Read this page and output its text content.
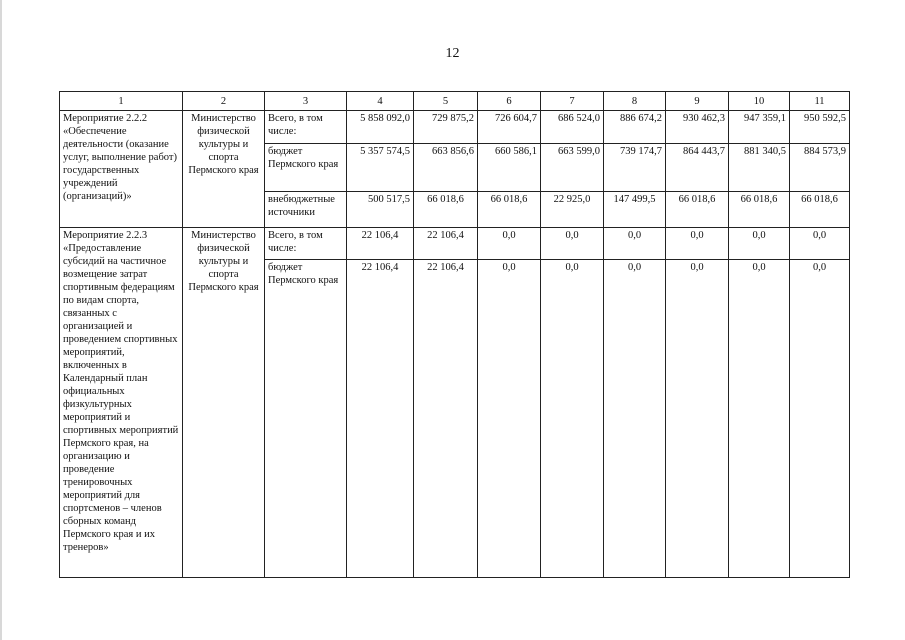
12
1	2	3	4	5	6	7	8	9	10	11
Мероприятие 2.2.2 «Обеспечение деятельности (оказание услуг, выполнение работ) государственных учреждений (организаций)»	Министерство физической культуры и спорта Пермского края	Всего, в том числе:	5 858 092,0	729 875,2	726 604,7	686 524,0	886 674,2	930 462,3	947 359,1	950 592,5
		бюджет Пермского края	5 357 574,5	663 856,6	660 586,1	663 599,0	739 174,7	864 443,7	881 340,5	884 573,9
		внебюджетные источники	500 517,5	66 018,6	66 018,6	22 925,0	147 499,5	66 018,6	66 018,6	66 018,6
Мероприятие 2.2.3 «Предоставление субсидий на частичное возмещение затрат спортивным федерациям по видам спорта, связанных с организацией и проведением спортивных мероприятий, включенных в Календарный план официальных физкультурных мероприятий и спортивных мероприятий Пермского края, на организацию и проведение тренировочных мероприятий для спортсменов – членов сборных команд Пермского края и их тренеров»	Министерство физической культуры и спорта Пермского края	Всего, в том числе:	22 106,4	22 106,4	0,0	0,0	0,0	0,0	0,0	0,0
		бюджет Пермского края	22 106,4	22 106,4	0,0	0,0	0,0	0,0	0,0	0,0
